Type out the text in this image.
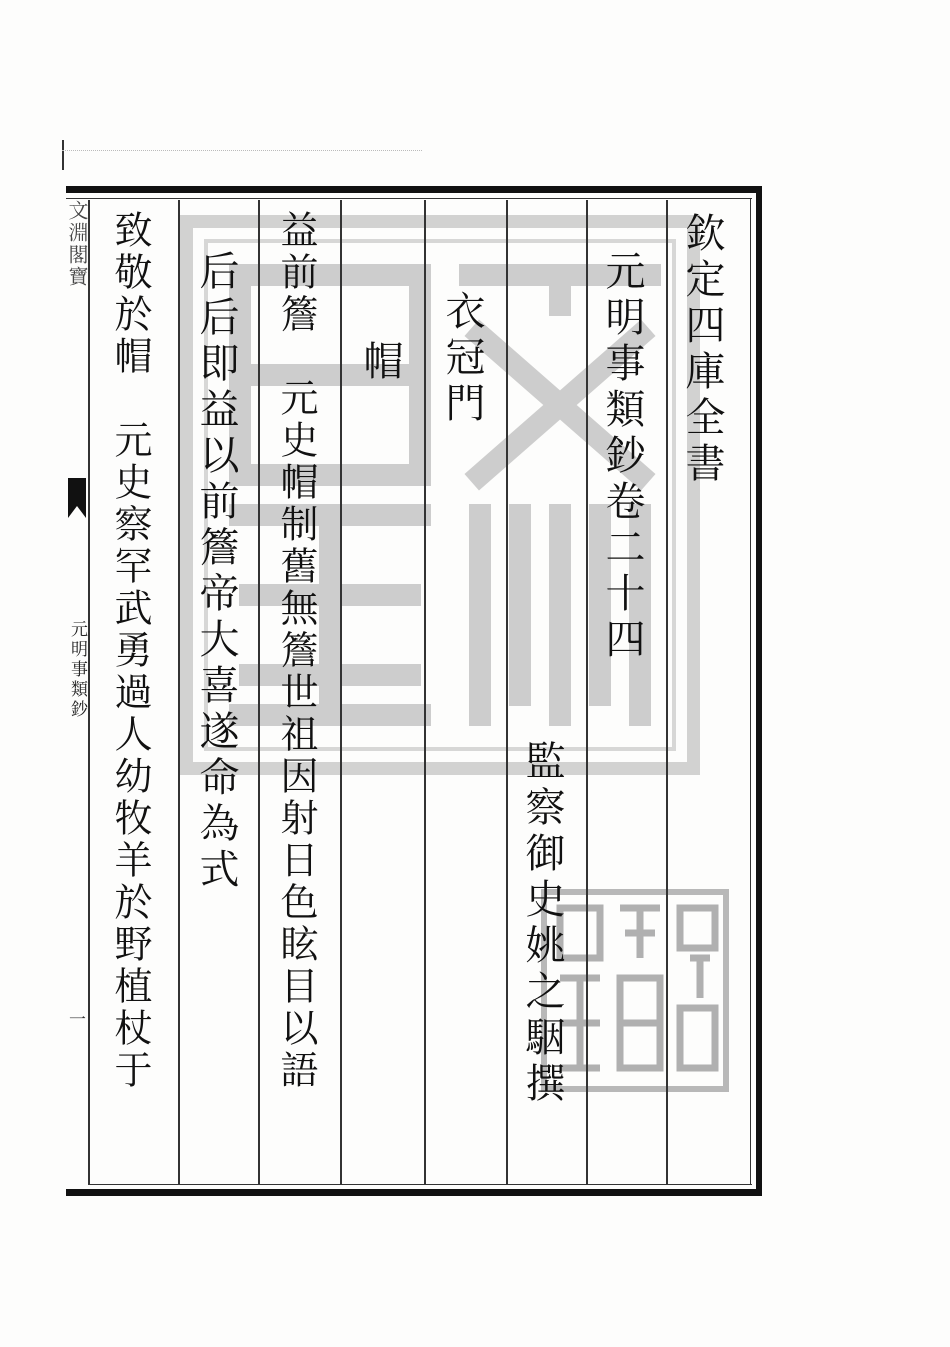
文淵閣寶
元明事類鈔
一
欽定四庫全書
元明事類鈔卷二十四
監察御史姚之駰撰
衣冠門
帽
益前簷　元史帽制舊無簷世祖因射日色眩目以語
后后即益以前簷帝大喜遂命為式
致敬於帽　元史察罕武勇過人幼牧羊於野植杖于
